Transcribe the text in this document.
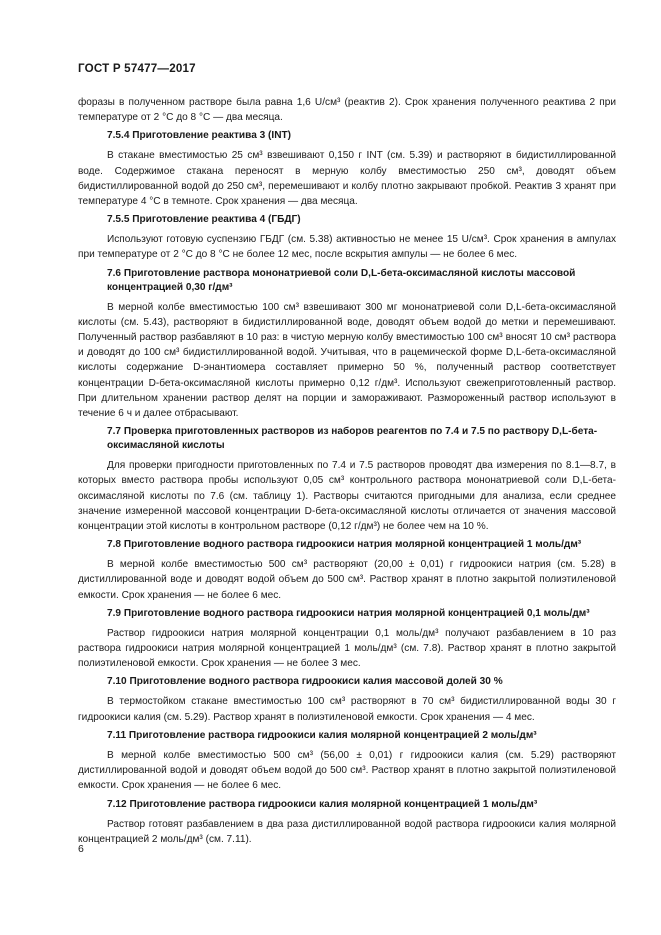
ГОСТ Р 57477—2017

форазы в полученном растворе была равна 1,6 U/см³ (реактив 2). Срок хранения полученного реактива 2 при температуре от 2 °С до 8 °С — два месяца.

7.5.4 Приготовление реактива 3 (INT)

В стакане вместимостью 25 см³ взвешивают 0,150 г INT (см. 5.39) и растворяют в бидистиллированной воде. Содержимое стакана переносят в мерную колбу вместимостью 250 см³, доводят объем бидистиллированной водой до 250 см³, перемешивают и колбу плотно закрывают пробкой. Реактив 3 хранят при температуре 4 °С в темноте. Срок хранения — два месяца.

7.5.5 Приготовление реактива 4 (ГБДГ)

Используют готовую суспензию ГБДГ (см. 5.38) активностью не менее 15 U/см³. Срок хранения в ампулах при температуре от 2 °С до 8 °С не более 12 мес, после вскрытия ампулы — не более 6 мес.

7.6 Приготовление раствора мононатриевой соли D,L-бета-оксимасляной кислоты массовой концентрацией 0,30 г/дм³

В мерной колбе вместимостью 100 см³ взвешивают 300 мг мононатриевой соли D,L-бета-оксимасляной кислоты (см. 5.43), растворяют в бидистиллированной воде, доводят объем водой до метки и перемешивают. Полученный раствор разбавляют в 10 раз: в чистую мерную колбу вместимостью 100 см³ вносят 10 см³ раствора и доводят до 100 см³ бидистиллированной водой. Учитывая, что в рацемической форме D,L-бета-оксимасляной кислоты содержание D-энантиомера составляет примерно 50 %, полученный раствор соответствует концентрации D-бета-оксимасляной кислоты примерно 0,12 г/дм³. Используют свежеприготовленный раствор. При длительном хранении раствор делят на порции и замораживают. Размороженный раствор используют в течение 6 ч и далее отбрасывают.

7.7 Проверка приготовленных растворов из наборов реагентов по 7.4 и 7.5 по раствору D,L-бета-оксимасляной кислоты

Для проверки пригодности приготовленных по 7.4 и 7.5 растворов проводят два измерения по 8.1—8.7, в которых вместо раствора пробы используют 0,05 см³ контрольного раствора мононатриевой соли D,L-бета-оксимасляной кислоты по 7.6 (см. таблицу 1). Растворы считаются пригодными для анализа, если среднее значение измеренной массовой концентрации D-бета-оксимасляной кислоты отличается от значения массовой концентрации этой кислоты в контрольном растворе (0,12 г/дм³) не более чем на 10 %.

7.8 Приготовление водного раствора гидроокиси натрия молярной концентрацией 1 моль/дм³

В мерной колбе вместимостью 500 см³ растворяют (20,00 ± 0,01) г гидроокиси натрия (см. 5.28) в дистиллированной воде и доводят водой объем до 500 см³. Раствор хранят в плотно закрытой полиэтиленовой емкости. Срок хранения — не более 6 мес.

7.9 Приготовление водного раствора гидроокиси натрия молярной концентрацией 0,1 моль/дм³

Раствор гидроокиси натрия молярной концентрации 0,1 моль/дм³ получают разбавлением в 10 раз раствора гидроокиси натрия молярной концентрацией 1 моль/дм³ (см. 7.8). Раствор хранят в плотно закрытой полиэтиленовой емкости. Срок хранения — не более 3 мес.

7.10 Приготовление водного раствора гидроокиси калия массовой долей 30 %

В термостойком стакане вместимостью 100 см³ растворяют в 70 см³ бидистиллированной воды 30 г гидроокиси калия (см. 5.29). Раствор хранят в полиэтиленовой емкости. Срок хранения — 4 мес.

7.11 Приготовление раствора гидроокиси калия молярной концентрацией 2 моль/дм³

В мерной колбе вместимостью 500 см³ (56,00 ± 0,01) г гидроокиси калия (см. 5.29) растворяют дистиллированной водой и доводят объем водой до 500 см³. Раствор хранят в плотно закрытой полиэтиленовой емкости. Срок хранения — не более 6 мес.

7.12 Приготовление раствора гидроокиси калия молярной концентрацией 1 моль/дм³

Раствор готовят разбавлением в два раза дистиллированной водой раствора гидроокиси калия молярной концентрацией 2 моль/дм³ (см. 7.11).

6
